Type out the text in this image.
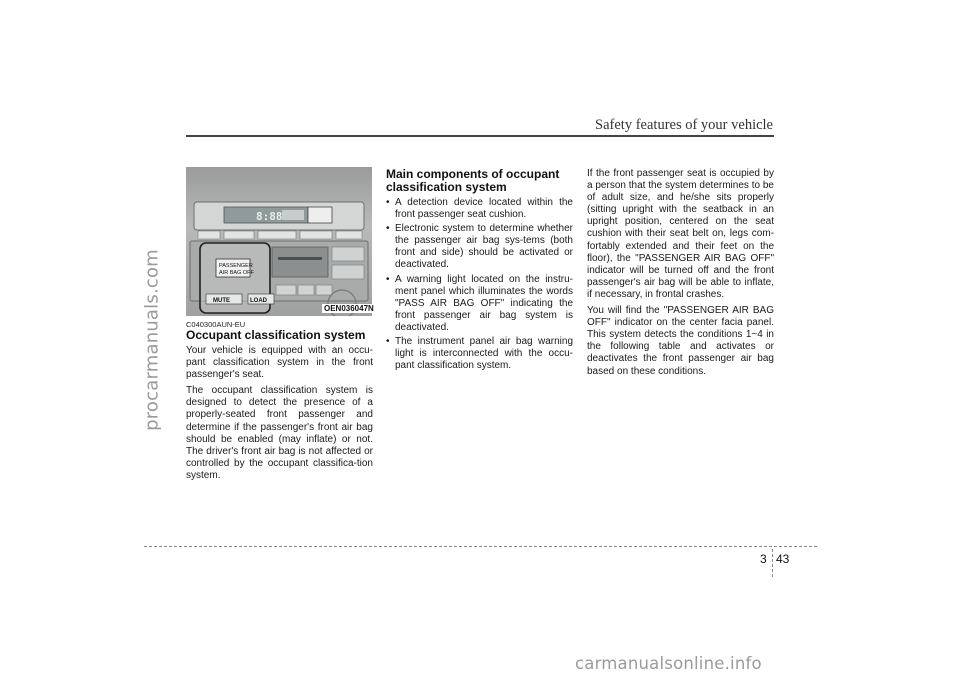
procarmanuals.com
Safety features of your vehicle
8:88
PASSENGER
AIR BAG OFF
MUTE	LOAD
OEN036047N
C040300AUN-EU
Occupant classification system

Your vehicle is equipped with an occu-pant classification system in the front passenger's seat.

The occupant classification system is designed to detect the presence of a properly-seated front passenger and determine if the passenger's front air bag should be enabled (may inflate) or not. The driver's front air bag is not affected or controlled by the occupant classifica-tion system.

Main components of occupant classification system
• A detection device located within the front passenger seat cushion.
• Electronic system to determine whether the passenger air bag sys-tems (both front and side) should be activated or deactivated.
• A warning light located on the instru-ment panel which illuminates the words "PASS AIR BAG OFF" indicating the front passenger air bag system is deactivated.
• The instrument panel air bag warning light is interconnected with the occu-pant classification system.

If the front passenger seat is occupied by a person that the system determines to be of adult size, and he/she sits properly (sitting upright with the seatback in an upright position, centered on the seat cushion with their seat belt on, legs com-fortably extended and their feet on the floor), the "PASSENGER AIR BAG OFF" indicator will be turned off and the front passenger's air bag will be able to inflate, if necessary, in frontal crashes.

You will find the "PASSENGER AIR BAG OFF" indicator on the center facia panel. This system detects the conditions 1~4 in the following table and activates or deactivates the front passenger air bag based on these conditions.

3 43
carmanualsonline.info
